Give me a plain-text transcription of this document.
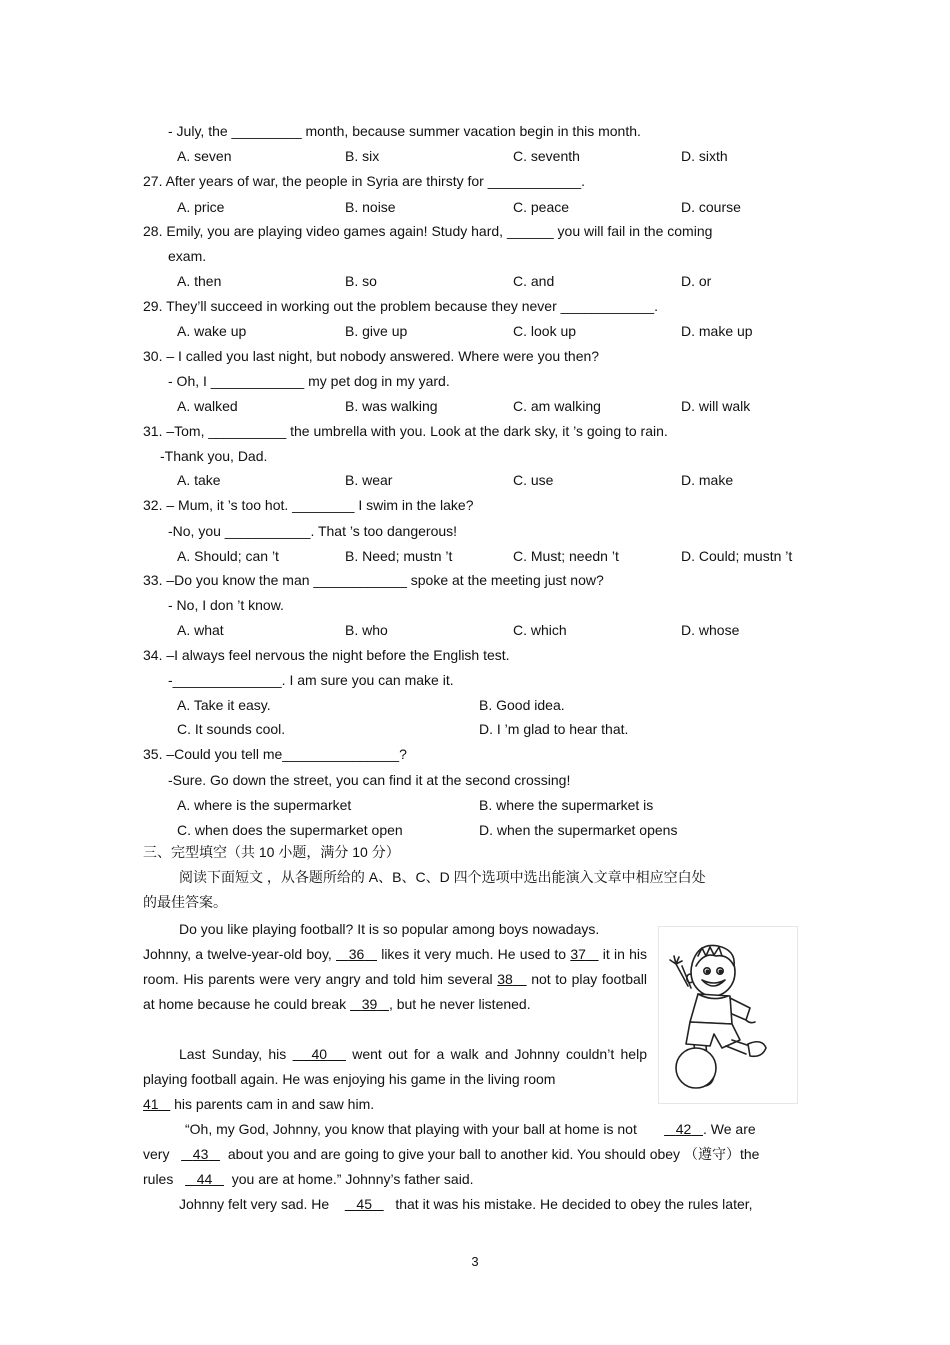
- July, the _________ month, because summer vacation begin in this month.
A. seven	B. six	C. seventh	D. sixth
27. After years of war, the people in Syria are thirsty for ____________.
A. price	B. noise	C. peace	D. course
28. Emily, you are playing video games again! Study hard, ______ you will fail in the coming
exam.
A. then	B. so	C. and	D. or
29. They’ll succeed in working out the problem because they never ____________.
A. wake up	B. give up	C. look up	D. make up
30. – I called you last night, but nobody answered. Where were you then?
- Oh, I ____________ my pet dog in my yard.
A. walked	B. was walking	C. am walking	D. will walk
31. –Tom, __________ the umbrella with you. Look at the dark sky, it ’s going to rain.
-Thank you, Dad.
A. take	B. wear	C. use	D. make
32. – Mum, it ’s too hot. ________ I swim in the lake?
-No, you ___________. That ’s too dangerous!
A. Should; can ’t	B. Need; mustn ’t	C. Must; needn ’t	D. Could; mustn ’t
33. –Do you know the man ____________ spoke at the meeting just now?
- No, I don ’t know.
A. what	B. who	C. which	D. whose
34. –I always feel nervous the night before the English test.
-______________. I am sure you can make it.
A. Take it easy.	B. Good idea.
C. It sounds cool.	D. I ’m glad to hear that.
35. –Could you tell me_______________?
-Sure. Go down the street, you can find it at the second crossing!
A. where is the supermarket	B. where the supermarket is
C. when does the supermarket open	D. when the supermarket opens
三、完型填空（共 10 小题，满分 10 分）
阅读下面短文 ，从各题所给的 A、B、C、D 四个选项中选出能演入文章中相应空白处
的最佳答案。
Do you like playing football? It is so popular among boys nowadays.
Johnny, a twelve-year-old boy,    36    likes it very much. He used to 37    it in his room. His parents were very angry and told him several 38    not to play football at home because he could break    39 , but he never listened.
Last Sunday, his    40    went out for a walk and Johnny couldn’t help playing football again. He was enjoying his game in the living room
41    his parents cam in and saw him.
“Oh, my God, Johnny, you know that playing with your ball at home is not	42 . We are
very 43 about you and are going to give your ball to another kid. You should obey （遵守）the
rules 44 you are at home.” Johnny’s father said.
Johnny felt very sad. He 45 that it was his mistake. He decided to obey the rules later,
3
